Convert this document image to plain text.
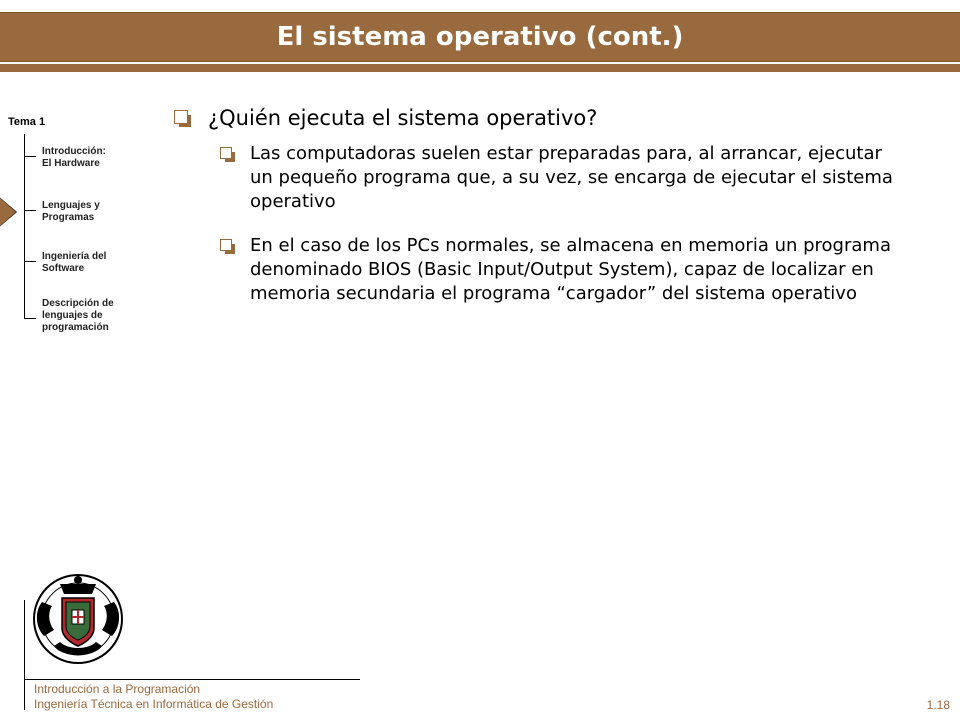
El sistema operativo (cont.)
Tema 1
Introducción:
El Hardware
Lenguajes y
Programas
Ingeniería del
Software
Descripción de
lenguajes de
programación
¿Quién ejecuta el sistema operativo?
Las computadoras suelen estar preparadas para, al arrancar, ejecutar un pequeño programa que, a su vez, se encarga de ejecutar el sistema operativo
En el caso de los PCs normales, se almacena en memoria un programa denominado BIOS (Basic Input/Output System), capaz de localizar en memoria secundaria el programa “cargador” del sistema operativo
Introducción a la Programación
Ingeniería Técnica en Informática de Gestión	1.18
